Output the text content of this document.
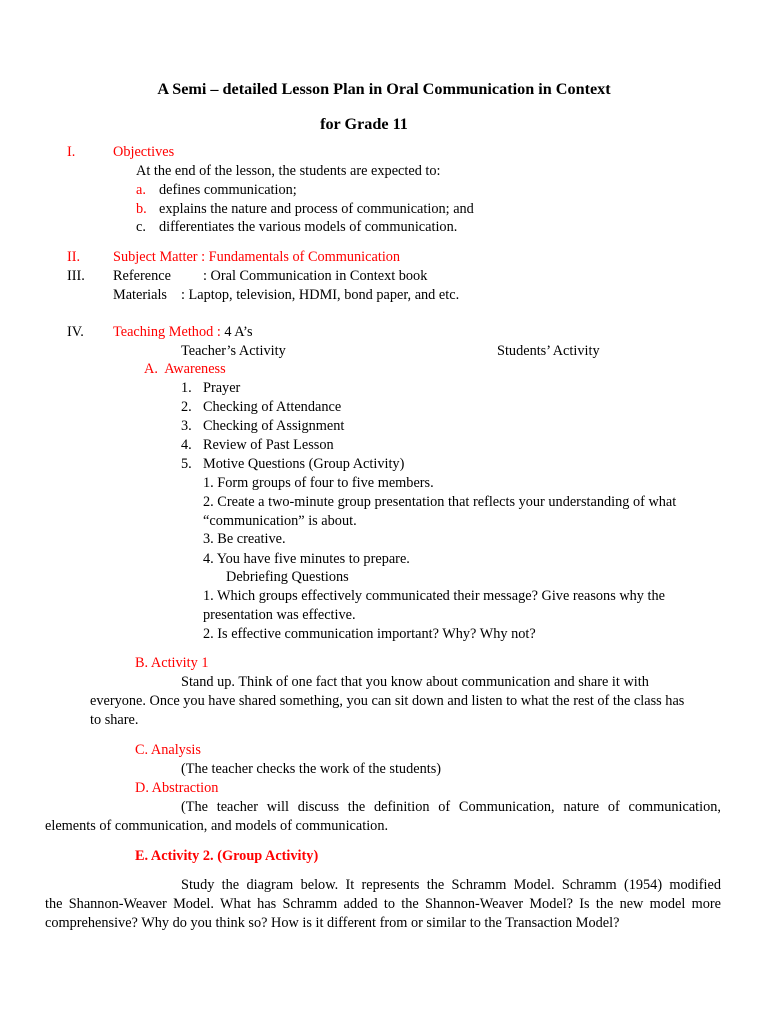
A Semi – detailed Lesson Plan in Oral Communication in Context
for Grade 11
I.	Objectives
At the end of the lesson, the students are expected to:
a. defines communication;
b. explains the nature and process of communication; and
c. differentiates the various models of communication.
II. Subject Matter : Fundamentals of Communication
III. Reference : Oral Communication in Context book
Materials : Laptop, television, HDMI, bond paper, and etc.
IV. Teaching Method : 4 A’s
Teacher’s Activity	Students’ Activity
A.  Awareness
1. Prayer
2. Checking of Attendance
3. Checking of Assignment
4. Review of Past Lesson
5. Motive Questions (Group Activity)
1. Form groups of four to five members.
2. Create a two-minute group presentation that reflects your understanding of what
“communication” is about.
3. Be creative.
4. You have five minutes to prepare.
Debriefing Questions
1. Which groups effectively communicated their message? Give reasons why the
presentation was effective.
2. Is effective communication important? Why? Why not?
B. Activity 1
Stand up. Think of one fact that you know about communication and share it with
everyone. Once you have shared something, you can sit down and listen to what the rest of the class has
to share.
C. Analysis
(The teacher checks the work of the students)
D. Abstraction
(The teacher will discuss the definition of Communication, nature of communication,
elements of communication, and models of communication.
E. Activity 2. (Group Activity)
Study the diagram below. It represents the Schramm Model. Schramm (1954) modified
the Shannon-Weaver Model. What has Schramm added to the Shannon-Weaver Model? Is the new model more
comprehensive? Why do you think so? How is it different from or similar to the Transaction Model?
